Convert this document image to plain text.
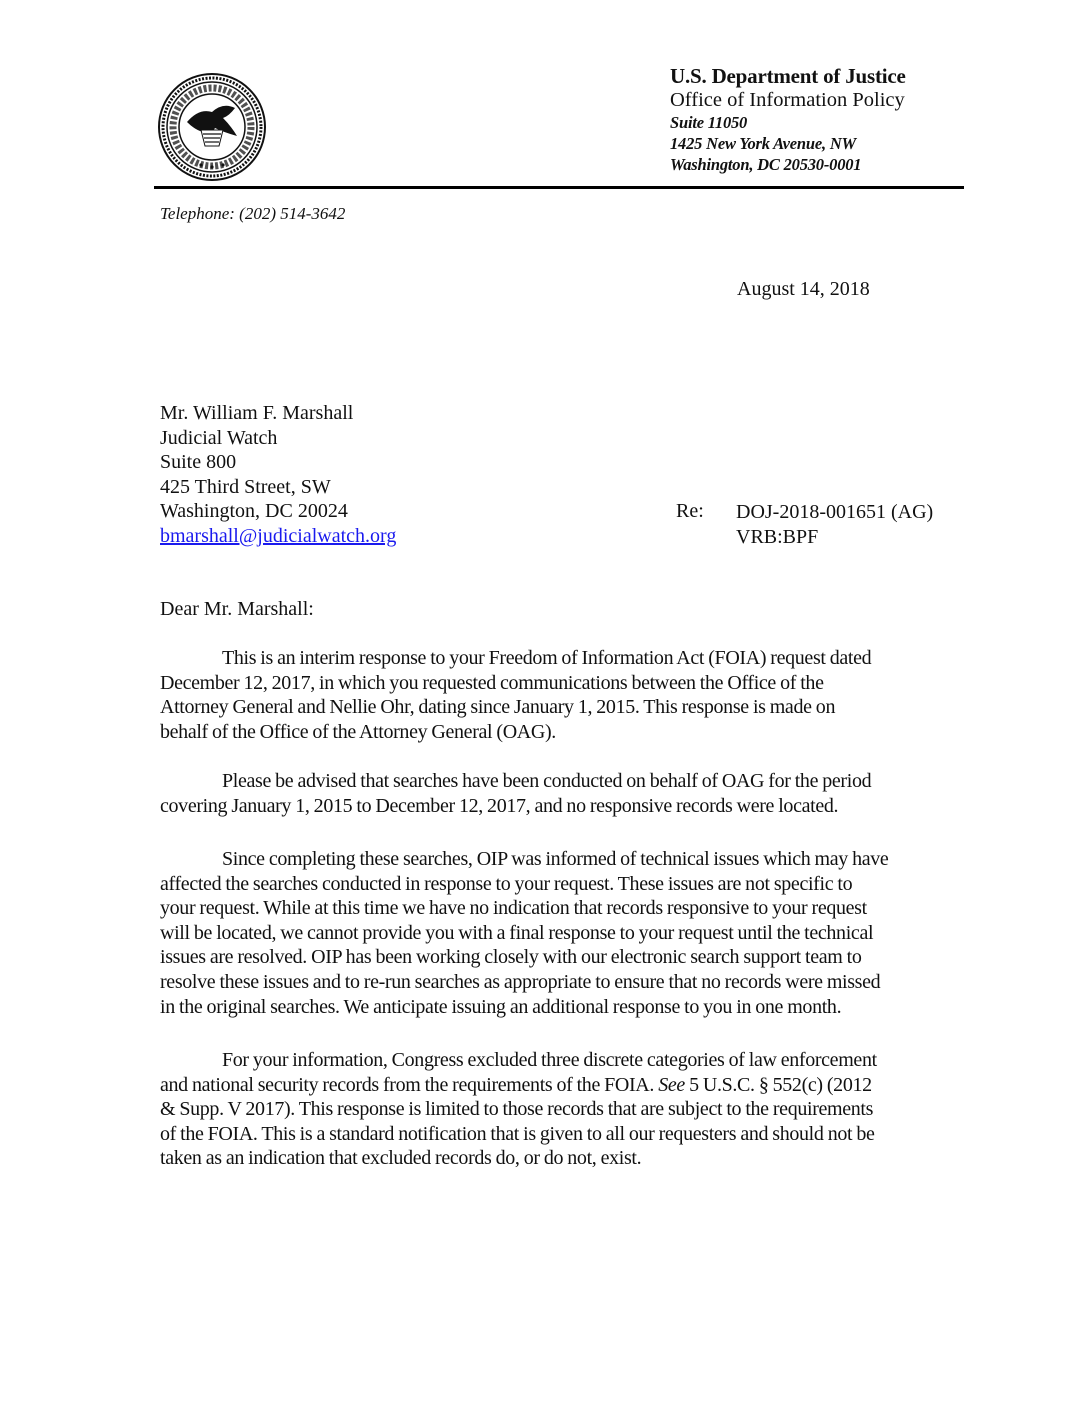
U.S. Department of Justice
Office of Information Policy
Suite 11050
1425 New York Avenue, NW
Washington, DC 20530-0001
Telephone: (202) 514-3642
August 14, 2018
Mr. William F. Marshall
Judicial Watch
Suite 800
425 Third Street, SW
Washington, DC 20024
bmarshall@judicialwatch.org
Re: DOJ-2018-001651 (AG)
VRB:BPF
Dear Mr. Marshall:
This is an interim response to your Freedom of Information Act (FOIA) request dated
December 12, 2017, in which you requested communications between the Office of the
Attorney General and Nellie Ohr, dating since January 1, 2015. This response is made on
behalf of the Office of the Attorney General (OAG).
Please be advised that searches have been conducted on behalf of OAG for the period
covering January 1, 2015 to December 12, 2017, and no responsive records were located.
Since completing these searches, OIP was informed of technical issues which may have
affected the searches conducted in response to your request. These issues are not specific to
your request. While at this time we have no indication that records responsive to your request
will be located, we cannot provide you with a final response to your request until the technical
issues are resolved. OIP has been working closely with our electronic search support team to
resolve these issues and to re-run searches as appropriate to ensure that no records were missed
in the original searches. We anticipate issuing an additional response to you in one month.
For your information, Congress excluded three discrete categories of law enforcement
and national security records from the requirements of the FOIA. See 5 U.S.C. § 552(c) (2012
& Supp. V 2017). This response is limited to those records that are subject to the requirements
of the FOIA. This is a standard notification that is given to all our requesters and should not be
taken as an indication that excluded records do, or do not, exist.
